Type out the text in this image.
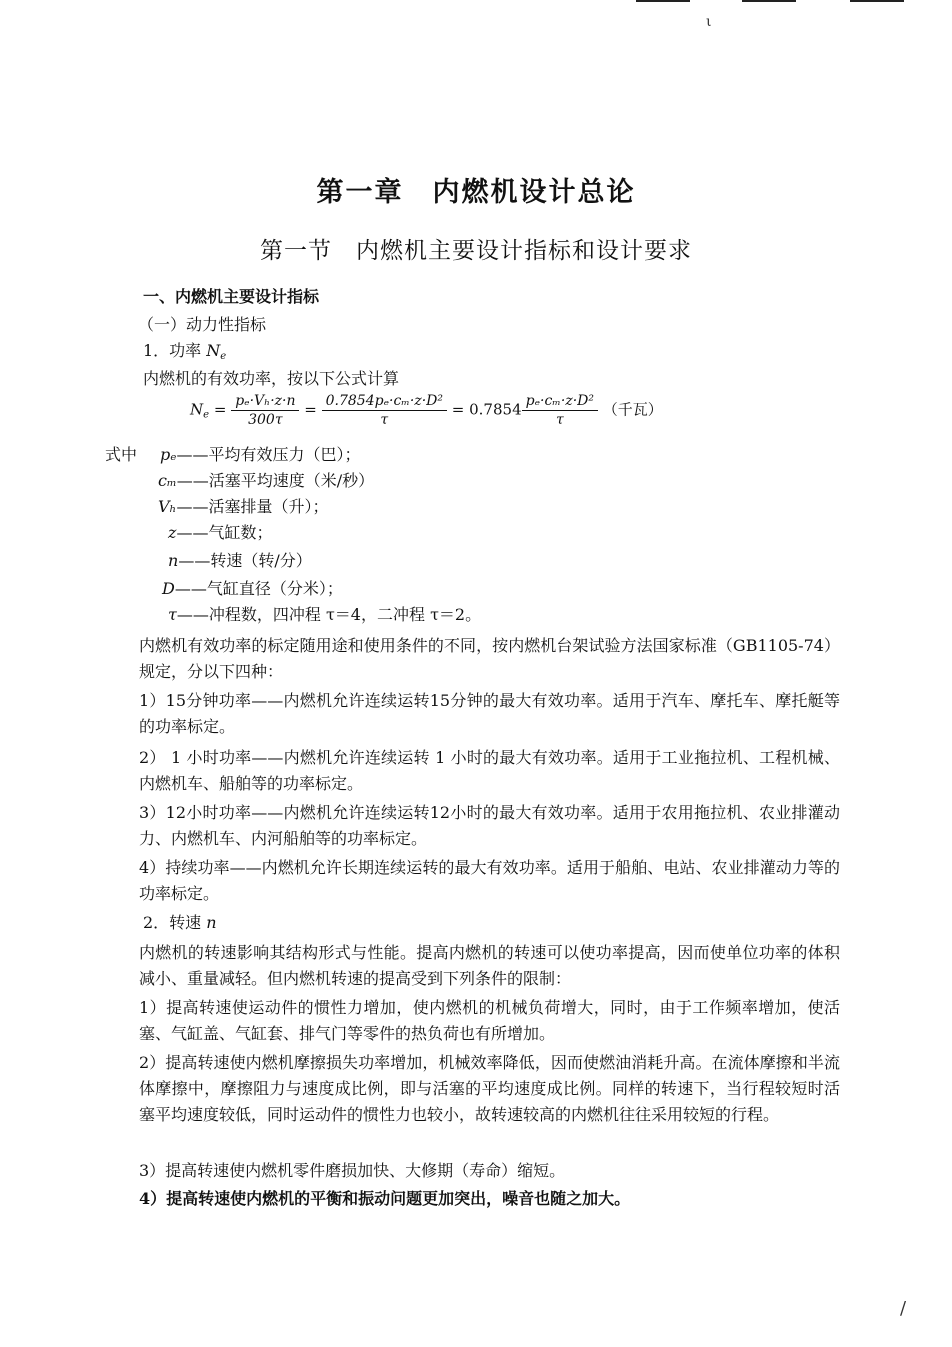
ι
/
第一章　内燃机设计总论
第一节　内燃机主要设计指标和设计要求
一、内燃机主要设计指标
（一）动力性指标
1．功率 $N_e$
内燃机的有效功率，按以下公式计算
$N_e = \frac{\text{pₑ·Vₕ·z·n}}{300\tau} = \frac{\text{0.7854pₑ·cₘ·z·D²}}{\tau} = 0.7854 \frac{\text{pₑ·cₘ·z·D²}}{\tau}$ （千瓦）
式中 pₑ——平均有效压力（巴）；
cₘ——活塞平均速度（米/秒）
Vₕ——活塞排量（升）；
z——气缸数；
n——转速（转/分）
D——气缸直径（分米）；
τ——冲程数，四冲程 τ＝4，二冲程 τ＝2。
内燃机有效功率的标定随用途和使用条件的不同，按内燃机台架试验方法国家标准（GB1105-74）规定，分以下四种：
1）15分钟功率——内燃机允许连续运转15分钟的最大有效功率。适用于汽车、摩托车、摩托艇等的功率标定。
2） 1 小时功率——内燃机允许连续运转 1 小时的最大有效功率。适用于工业拖拉机、工程机械、内燃机车、船舶等的功率标定。
3）12小时功率——内燃机允许连续运转12小时的最大有效功率。适用于农用拖拉机、农业排灌动力、内燃机车、内河船舶等的功率标定。
4）持续功率——内燃机允许长期连续运转的最大有效功率。适用于船舶、电站、农业排灌动力等的功率标定。
2．转速 n
内燃机的转速影响其结构形式与性能。提高内燃机的转速可以使功率提高，因而使单位功率的体积减小、重量减轻。但内燃机转速的提高受到下列条件的限制：
1）提高转速使运动件的惯性力增加，使内燃机的机械负荷增大，同时，由于工作频率增加，使活塞、气缸盖、气缸套、排气门等零件的热负荷也有所增加。
2）提高转速使内燃机摩擦损失功率增加，机械效率降低，因而使燃油消耗升高。在流体摩擦和半流体摩擦中，摩擦阻力与速度成比例，即与活塞的平均速度成比例。同样的转速下，当行程较短时活塞平均速度较低，同时运动件的惯性力也较小，故转速较高的内燃机往往采用较短的行程。
3）提高转速使内燃机零件磨损加快、大修期（寿命）缩短。
4）提高转速使内燃机的平衡和振动问题更加突出，噪音也随之加大。
